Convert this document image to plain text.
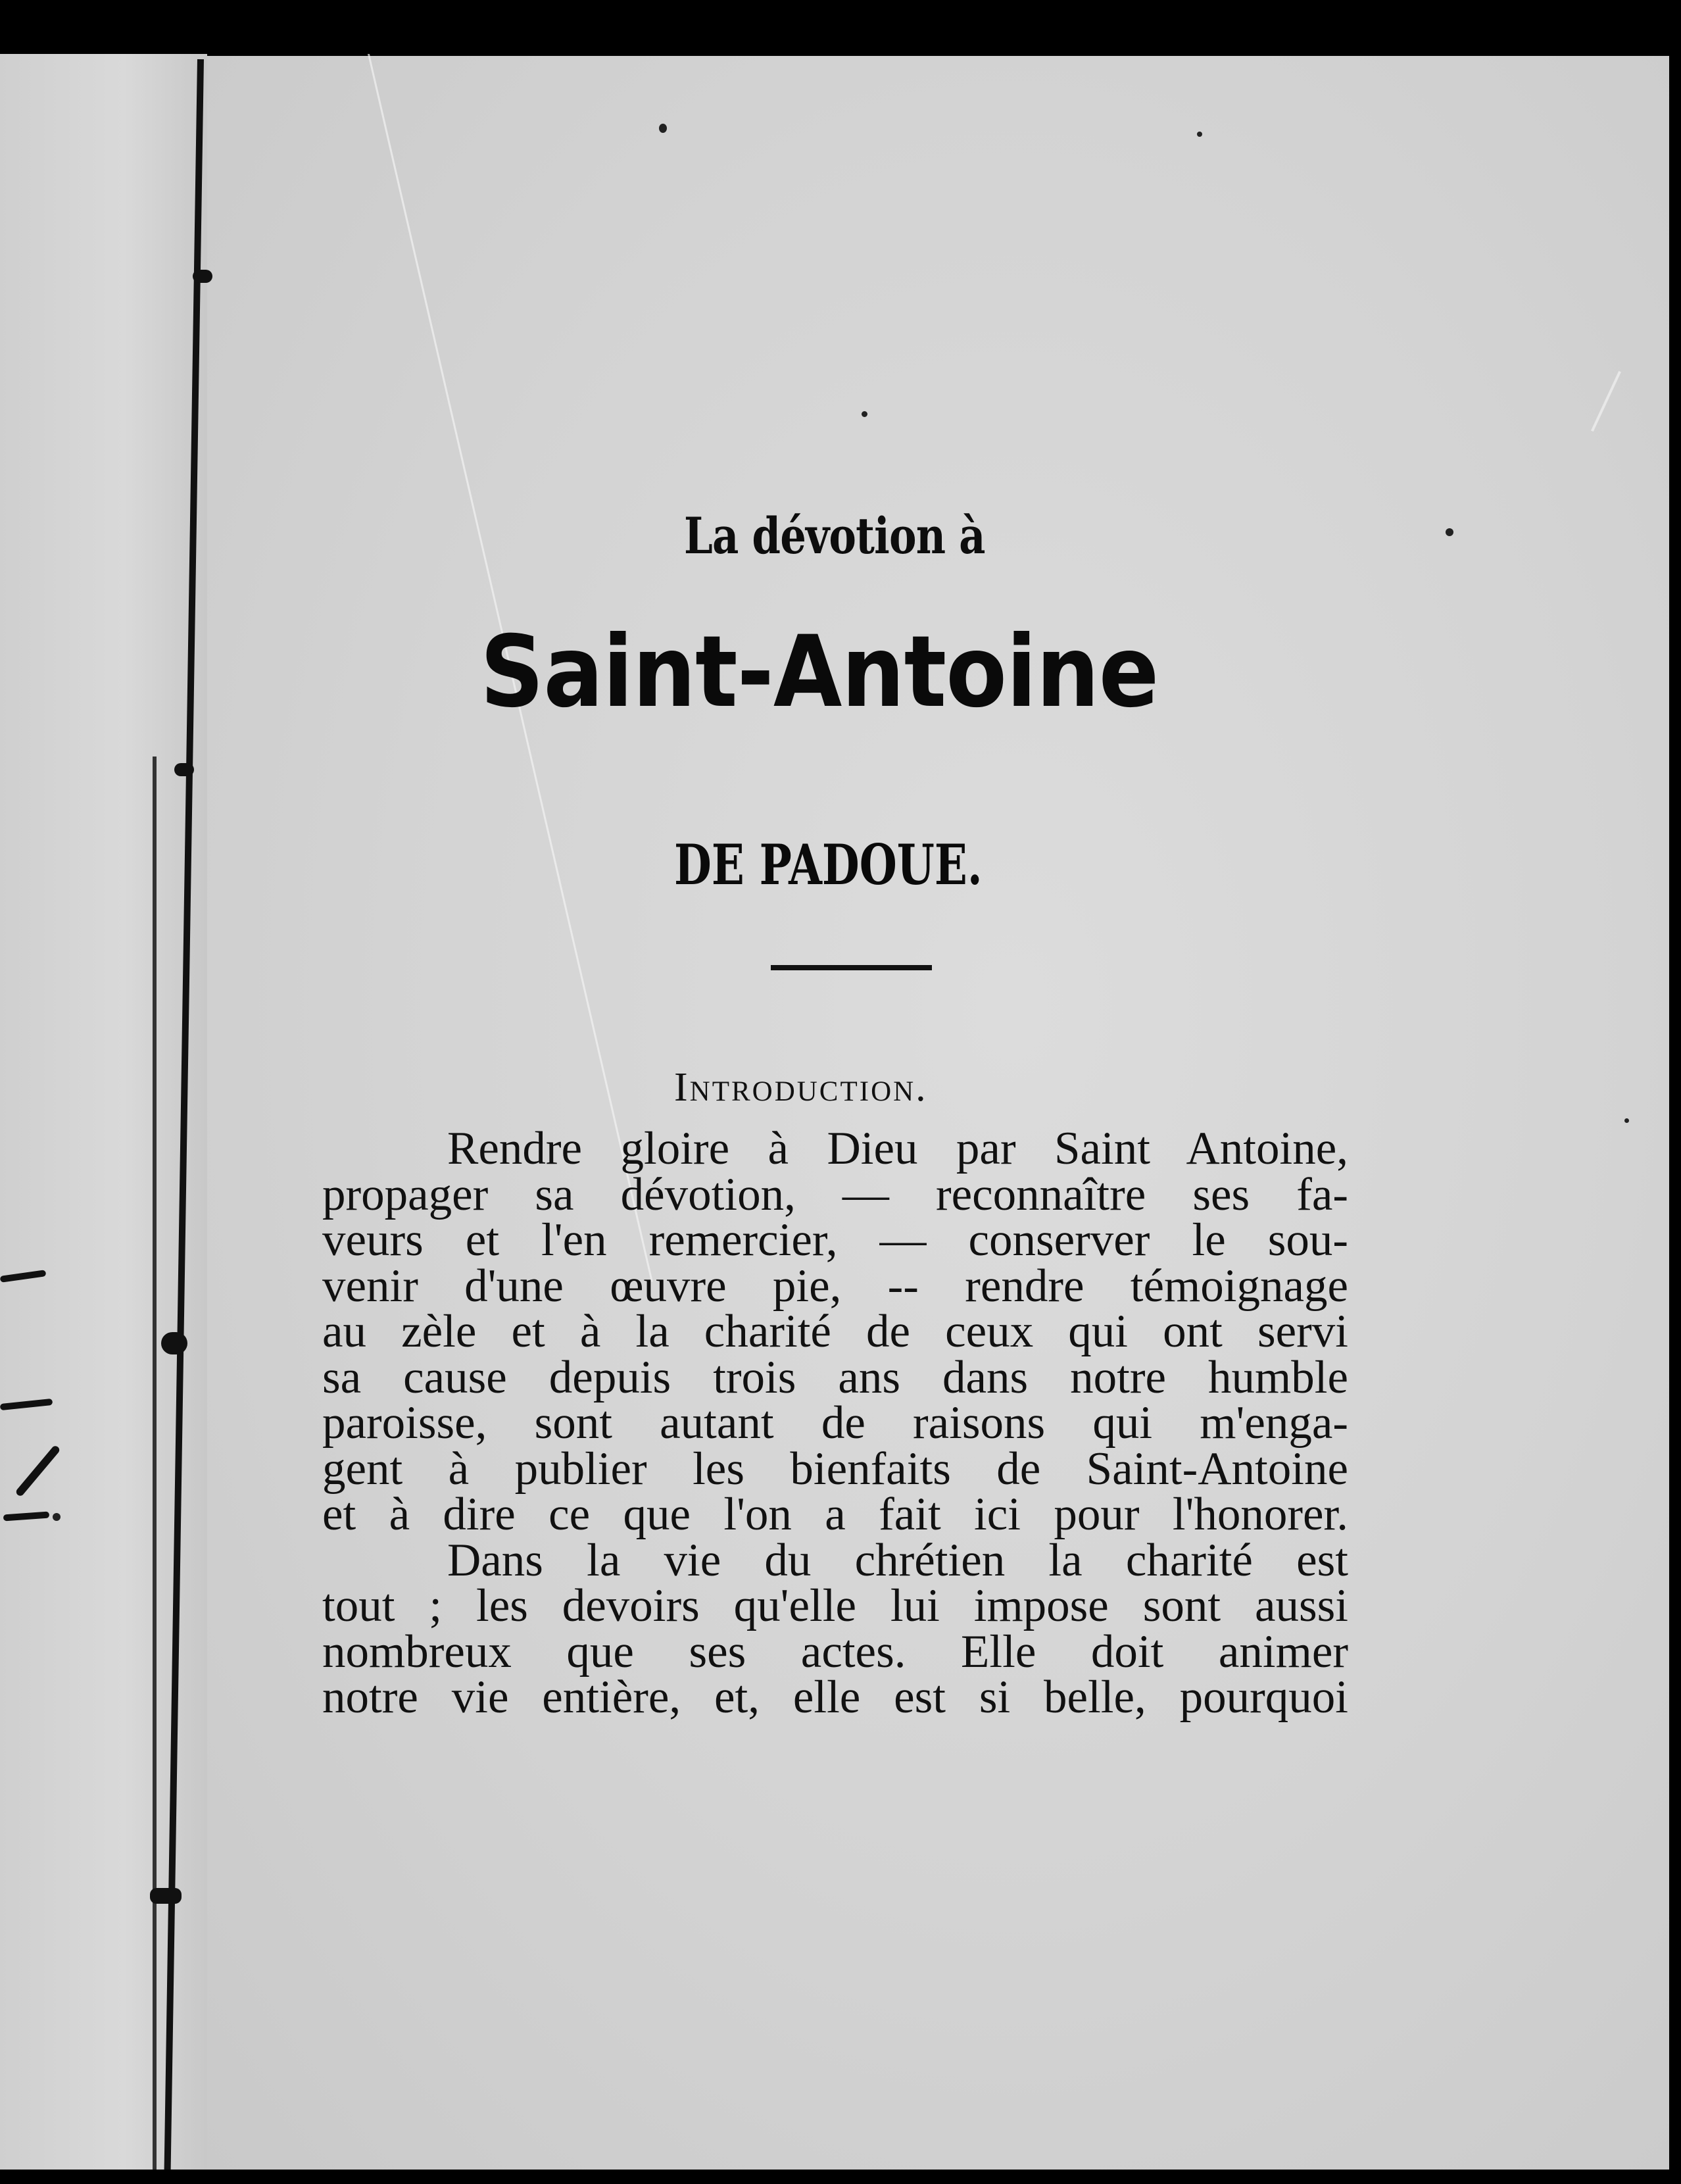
La dévotion à
Saint-Antoine
DE PADOUE.
Introduction.
Rendre gloire à Dieu par Saint Antoine,
propager sa dévotion, — reconnaître ses fa-
veurs et l'en remercier, — conserver le sou-
venir d'une œuvre pie, -- rendre témoignage
au zèle et à la charité de ceux qui ont servi
sa cause depuis trois ans dans notre humble
paroisse, sont autant de raisons qui m'enga-
gent à publier les bienfaits de Saint-Antoine
et à dire ce que l'on a fait ici pour l'honorer.
Dans la vie du chrétien la charité est
tout ; les devoirs qu'elle lui impose sont aussi
nombreux que ses actes. Elle doit animer
notre vie entière, et, elle est si belle, pourquoi
